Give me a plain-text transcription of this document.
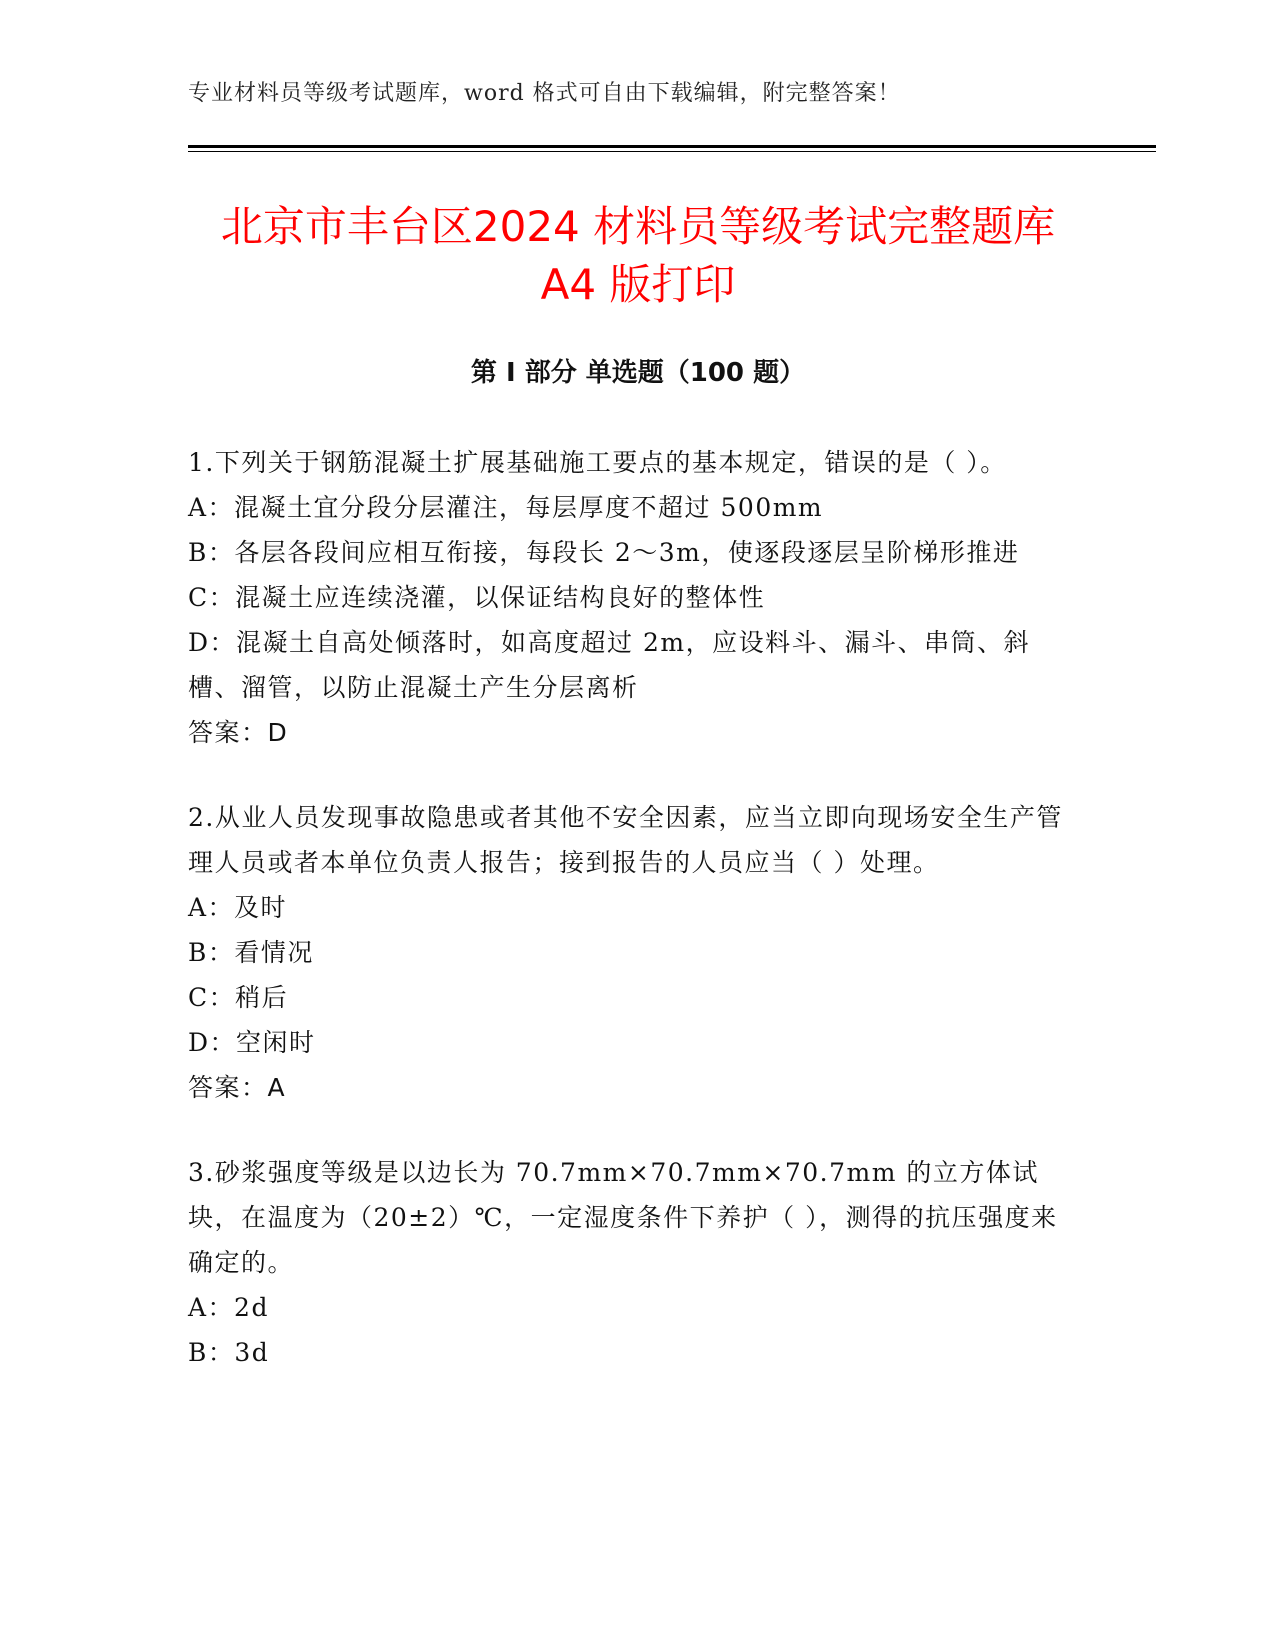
专业材料员等级考试题库，word 格式可自由下载编辑，附完整答案！
北京市丰台区2024 材料员等级考试完整题库
A4 版打印
第 I 部分 单选题（100 题）

1.下列关于钢筋混凝土扩展基础施工要点的基本规定，错误的是（ ）。

A：混凝土宜分段分层灌注，每层厚度不超过 500mm

B：各层各段间应相互衔接，每段长 2～3m，使逐段逐层呈阶梯形推进

C：混凝土应连续浇灌，以保证结构良好的整体性

D：混凝土自高处倾落时，如高度超过 2m，应设料斗、漏斗、串筒、斜槽、溜管，以防止混凝土产生分层离析

答案：D

2.从业人员发现事故隐患或者其他不安全因素，应当立即向现场安全生产管理人员或者本单位负责人报告；接到报告的人员应当（ ）处理。

A：及时

B：看情况

C：稍后

D：空闲时

答案：A

3.砂浆强度等级是以边长为 70.7mm×70.7mm×70.7mm 的立方体试块，在温度为（20±2）℃，一定湿度条件下养护（ ），测得的抗压强度来确定的。

A：2d

B：3d
